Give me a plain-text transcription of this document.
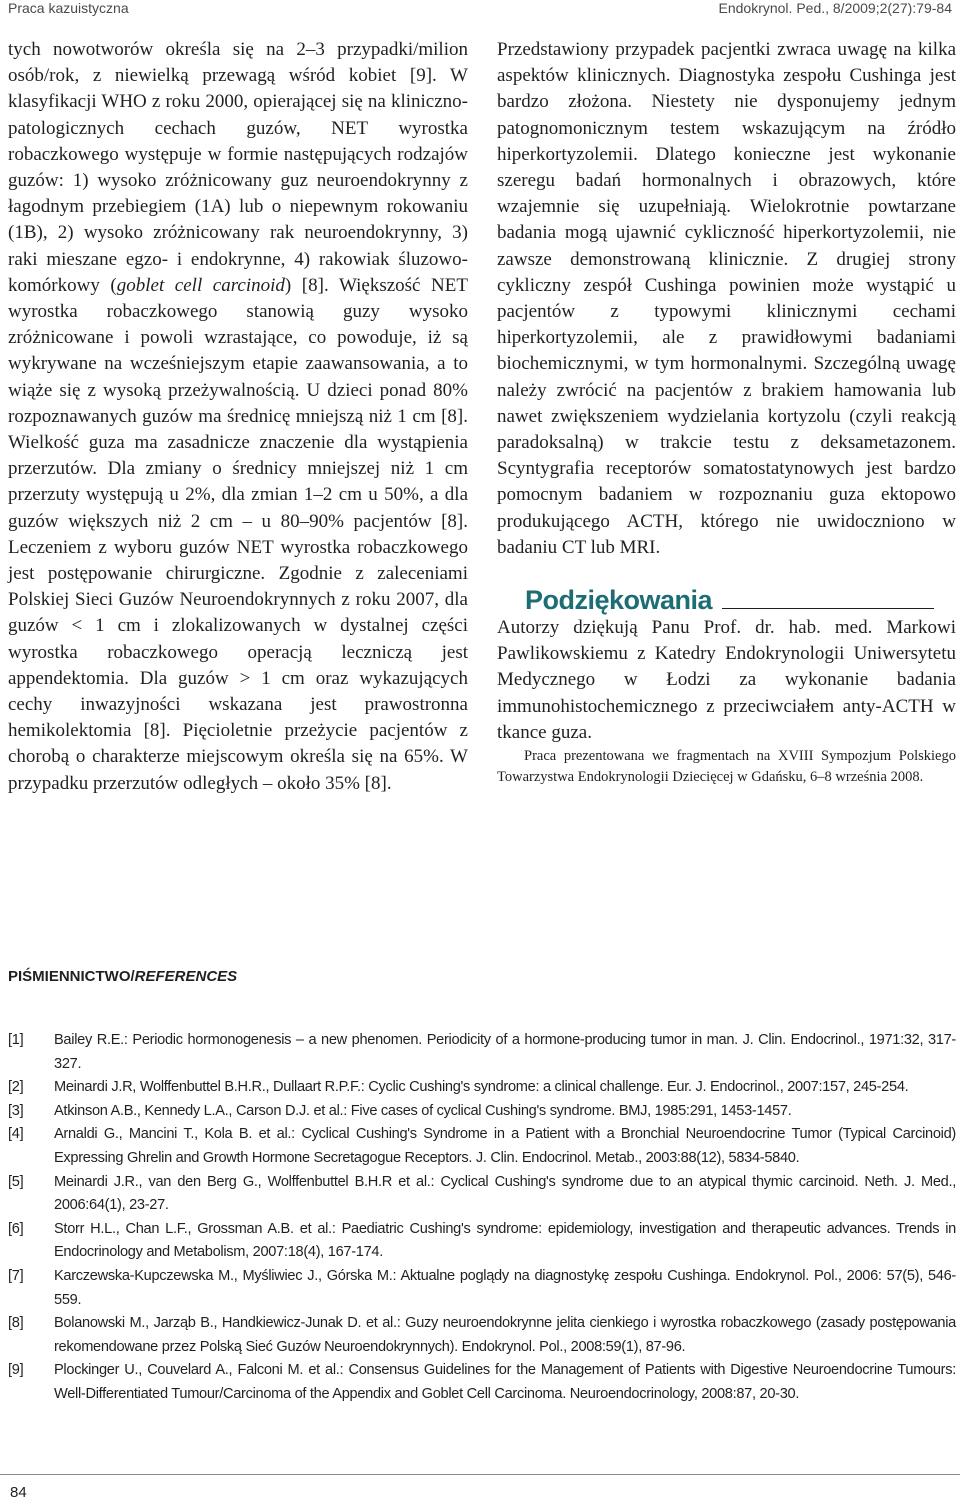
Praca kazuistyczna	Endokrynol. Ped., 8/2009;2(27):79-84

tych nowotworów określa się na 2–3 przypadki/milion osób/rok, z niewielką przewagą wśród kobiet [9]. W klasyfikacji WHO z roku 2000, opierającej się na kliniczno-patologicznych cechach guzów, NET wyrostka robaczkowego występuje w formie następujących rodzajów guzów: 1) wysoko zróżnicowany guz neuroendokrynny z łagodnym przebiegiem (1A) lub o niepewnym rokowaniu (1B), 2) wysoko zróżnicowany rak neuroendokrynny, 3) raki mieszane egzo- i endokrynne, 4) rakowiak śluzowo-komórkowy (goblet cell carcinoid) [8]. Większość NET wyrostka robaczkowego stanowią guzy wysoko zróżnicowane i powoli wzrastające, co powoduje, iż są wykrywane na wcześniejszym etapie zaawansowania, a to wiąże się z wysoką przeżywalnością. U dzieci ponad 80% rozpoznawanych guzów ma średnicę mniejszą niż 1 cm [8]. Wielkość guza ma zasadnicze znaczenie dla wystąpienia przerzutów. Dla zmiany o średnicy mniejszej niż 1 cm przerzuty występują u 2%, dla zmian 1–2 cm u 50%, a dla guzów większych niż 2 cm – u 80–90% pacjentów [8]. Leczeniem z wyboru guzów NET wyrostka robaczkowego jest postępowanie chirurgiczne. Zgodnie z zaleceniami Polskiej Sieci Guzów Neuroendokrynnych z roku 2007, dla guzów < 1 cm i zlokalizowanych w dystalnej części wyrostka robaczkowego operacją leczniczą jest appendektomia. Dla guzów > 1 cm oraz wykazujących cechy inwazyjności wskazana jest prawostronna hemikolektomia [8]. Pięcioletnie przeżycie pacjentów z chorobą o charakterze miejscowym określa się na 65%. W przypadku przerzutów odległych – około 35% [8].

Przedstawiony przypadek pacjentki zwraca uwagę na kilka aspektów klinicznych. Diagnostyka zespołu Cushinga jest bardzo złożona. Niestety nie dysponujemy jednym patognomonicznym testem wskazującym na źródło hiperkortyzolemii. Dlatego konieczne jest wykonanie szeregu badań hormonalnych i obrazowych, które wzajemnie się uzupełniają. Wielokrotnie powtarzane badania mogą ujawnić cykliczność hiperkortyzolemii, nie zawsze demonstrowaną klinicznie. Z drugiej strony cykliczny zespół Cushinga powinien może wystąpić u pacjentów z typowymi klinicznymi cechami hiperkortyzolemii, ale z prawidłowymi badaniami biochemicznymi, w tym hormonalnymi. Szczególną uwagę należy zwrócić na pacjentów z brakiem hamowania lub nawet zwiększeniem wydzielania kortyzolu (czyli reakcją paradoksalną) w trakcie testu z deksametazonem. Scyntygrafia receptorów somatostatynowych jest bardzo pomocnym badaniem w rozpoznaniu guza ektopowo produkującego ACTH, którego nie uwidoczniono w badaniu CT lub MRI.

Podziękowania

Autorzy dziękują Panu Prof. dr. hab. med. Markowi Pawlikowskiemu z Katedry Endokrynologii Uniwersytetu Medycznego w Łodzi za wykonanie badania immunohistochemicznego z przeciwciałem anty-ACTH w tkance guza.

Praca prezentowana we fragmentach na XVIII Sympozjum Polskiego Towarzystwa Endokrynologii Dziecięcej w Gdańsku, 6–8 września 2008.

PIŚMIENNICTWO/REFERENCES
[1]	Bailey R.E.: Periodic hormonogenesis – a new phenomen. Periodicity of a hormone-producing tumor in man. J. Clin. Endocrinol., 1971:32, 317-327.
[2]	Meinardi J.R, Wolffenbuttel B.H.R., Dullaart R.P.F.: Cyclic Cushing's syndrome: a clinical challenge. Eur. J. Endocrinol., 2007:157, 245-254.
[3]	Atkinson A.B., Kennedy L.A., Carson D.J. et al.: Five cases of cyclical Cushing's syndrome. BMJ, 1985:291, 1453-1457.
[4]	Arnaldi G., Mancini T., Kola B. et al.: Cyclical Cushing's Syndrome in a Patient with a Bronchial Neuroendocrine Tumor (Typical Carcinoid) Expressing Ghrelin and Growth Hormone Secretagogue Receptors. J. Clin. Endocrinol. Metab., 2003:88(12), 5834-5840.
[5]	Meinardi J.R., van den Berg G., Wolffenbuttel B.H.R et al.: Cyclical Cushing's syndrome due to an atypical thymic carcinoid. Neth. J. Med., 2006:64(1), 23-27.
[6]	Storr H.L., Chan L.F., Grossman A.B. et al.: Paediatric Cushing's syndrome: epidemiology, investigation and therapeutic advances. Trends in Endocrinology and Metabolism, 2007:18(4), 167-174.
[7]	Karczewska-Kupczewska M., Myśliwiec J., Górska M.: Aktualne poglądy na diagnostykę zespołu Cushinga. Endokrynol. Pol., 2006: 57(5), 546-559.
[8]	Bolanowski M., Jarząb B., Handkiewicz-Junak D. et al.: Guzy neuroendokrynne jelita cienkiego i wyrostka robaczkowego (zasady postępowania rekomendowane przez Polską Sieć Guzów Neuroendokrynnych). Endokrynol. Pol., 2008:59(1), 87-96.
[9]	Plockinger U., Couvelard A., Falconi M. et al.: Consensus Guidelines for the Management of Patients with Digestive Neuroendocrine Tumours: Well-Differentiated Tumour/Carcinoma of the Appendix and Goblet Cell Carcinoma. Neuroendocrinology, 2008:87, 20-30.
84
